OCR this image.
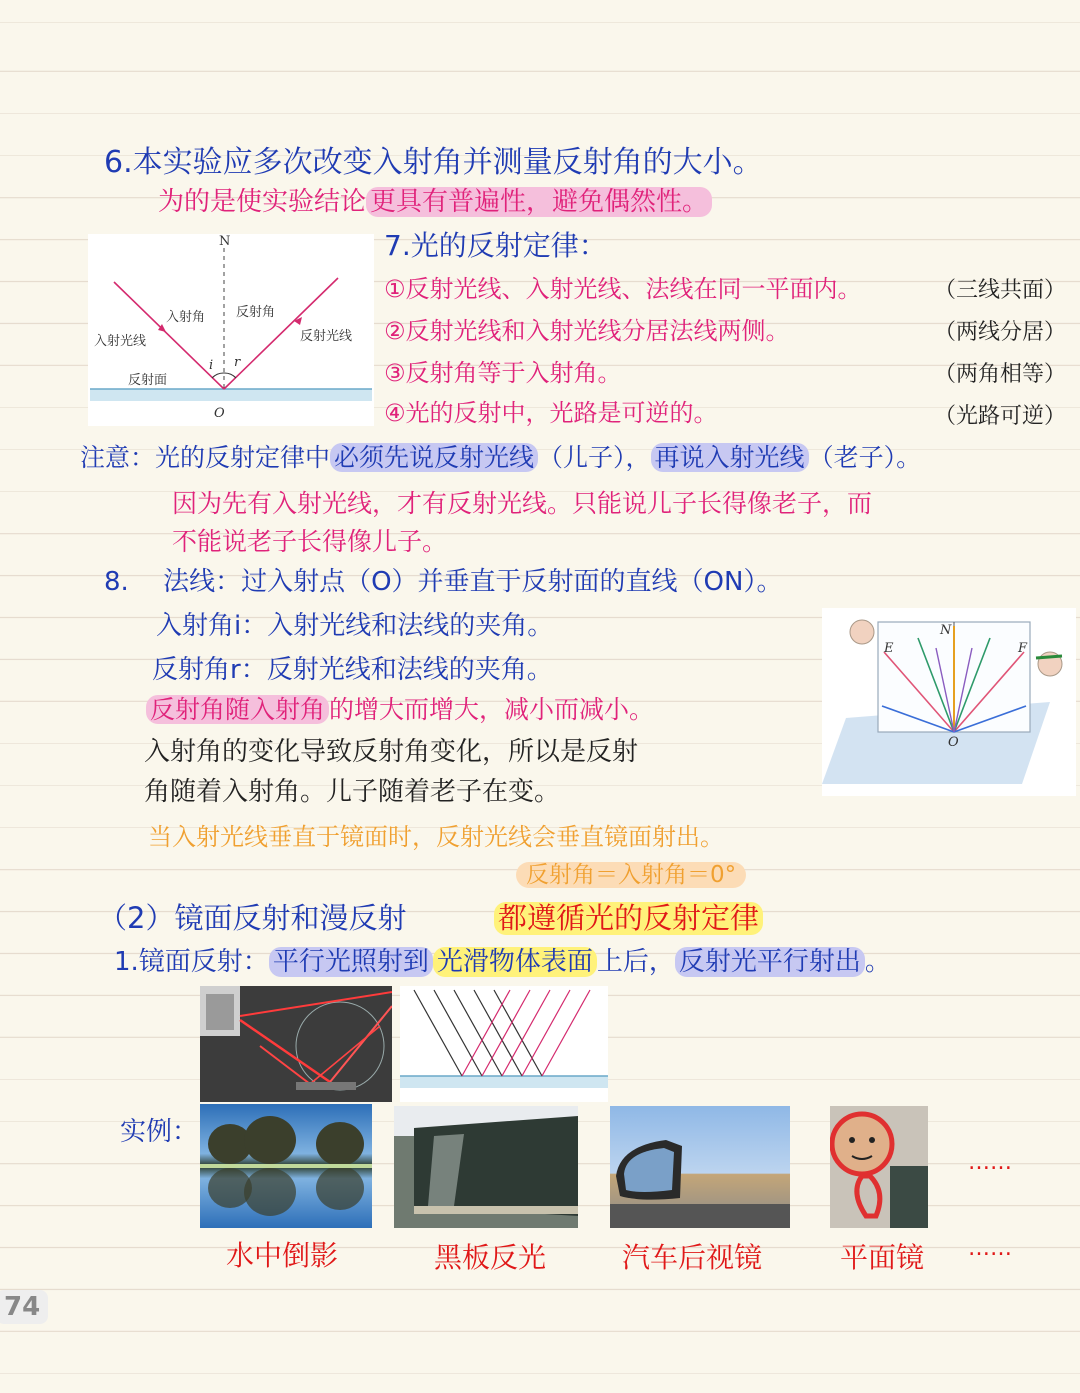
6.本实验应多次改变入射角并测量反射角的大小。
为的是使实验结论 更具有普遍性，避免偶然性。
N
入射角 反射角
入射光线	反射光线
i r
反射面
O
7.光的反射定律：
①反射光线、入射光线、法线在同一平面内。	（三线共面）
②反射光线和入射光线分居法线两侧。	（两线分居）
③反射角等于入射角。	（两角相等）
④光的反射中，光路是可逆的。	（光路可逆）
注意：光的反射定律中 必须先说反射光线 （儿子）， 再说入射光线 （老子）。
因为先有入射光线，才有反射光线。只能说儿子长得像老子，而
不能说老子长得像儿子。
8.　 法线：过入射点（O）并垂直于反射面的直线（ON）。
入射角i：入射光线和法线的夹角。
反射角r：反射光线和法线的夹角。
反射角随入射角 的增大而增大，减小而减小。
入射角的变化导致反射角变化，所以是反射
角随着入射角。儿子随着老子在变。
N
E	F
O
当入射光线垂直于镜面时，反射光线会垂直镜面射出。
反射角＝入射角＝0°
（2）镜面反射和漫反射	都遵循光的反射定律
1.镜面反射： 平行光照射到 光滑物体表面 上后， 反射光平行射出 。
实例：
……
水中倒影	黑板反光	汽车后视镜	平面镜 ……
74
